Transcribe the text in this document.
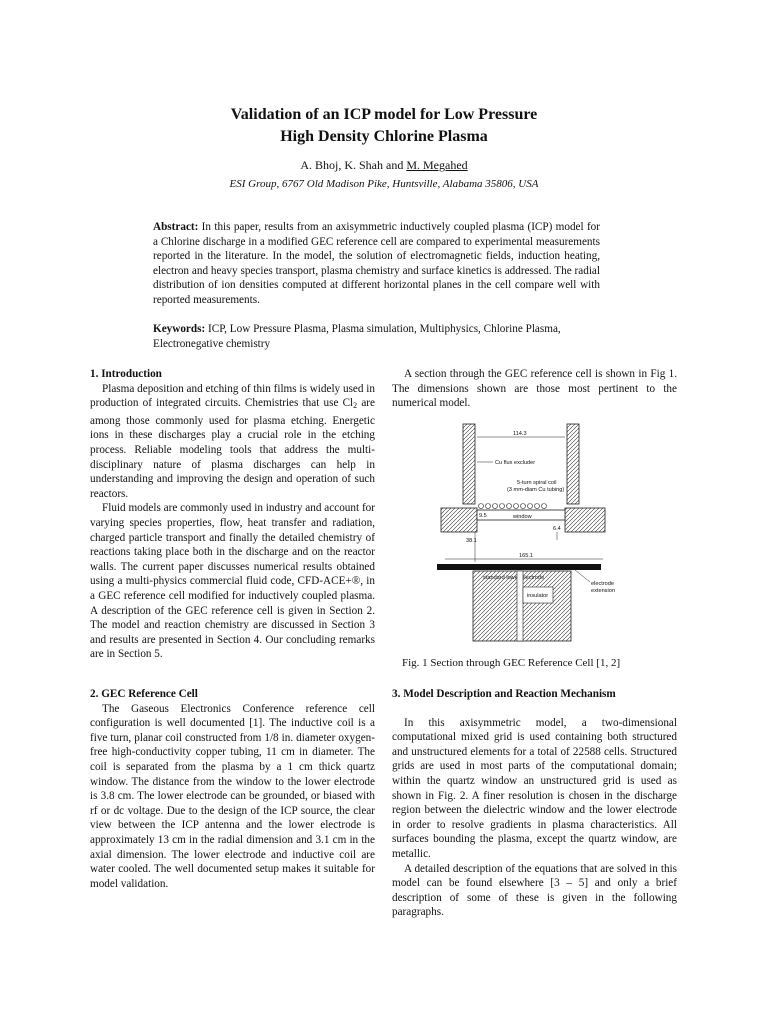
Validation of an ICP model for Low Pressure
High Density Chlorine Plasma
A. Bhoj, K. Shah and M. Megahed
ESI Group, 6767 Old Madison Pike, Huntsville, Alabama 35806, USA
Abstract: In this paper, results from an axisymmetric inductively coupled plasma (ICP) model for a Chlorine discharge in a modified GEC reference cell are compared to experimental measurements reported in the literature. In the model, the solution of electromagnetic fields, induction heating, electron and heavy species transport, plasma chemistry and surface kinetics is addressed. The radial distribution of ion densities computed at different horizontal planes in the cell compare well with reported measurements.
Keywords: ICP, Low Pressure Plasma, Plasma simulation, Multiphysics, Chlorine Plasma, Electronegative chemistry
1. Introduction

Plasma deposition and etching of thin films is widely used in production of integrated circuits. Chemistries that use $Cl_2$ are among those commonly used for plasma etching. Energetic ions in these discharges play a crucial role in the etching process. Reliable modeling tools that address the multi-disciplinary nature of plasma discharges can help in understanding and improving the design and operation of such reactors.

Fluid models are commonly used in industry and account for varying species properties, flow, heat transfer and radiation, charged particle transport and finally the detailed chemistry of reactions taking place both in the discharge and on the reactor walls. The current paper discusses numerical results obtained using a multi-physics commercial fluid code, CFD-ACE+®, in a GEC reference cell modified for inductively coupled plasma. A description of the GEC reference cell is given in Section 2. The model and reaction chemistry are discussed in Section 3 and results are presented in Section 4. Our concluding remarks are in Section 5.

2. GEC Reference Cell

The Gaseous Electronics Conference reference cell configuration is well documented [1]. The inductive coil is a five turn, planar coil constructed from 1/8 in. diameter oxygen-free high-conductivity copper tubing, 11 cm in diameter. The coil is separated from the plasma by a 1 cm thick quartz window. The distance from the window to the lower electrode is 3.8 cm. The lower electrode can be grounded, or biased with rf or dc voltage. Due to the design of the ICP source, the clear view between the ICP antenna and the lower electrode is approximately 13 cm in the radial dimension and 3.1 cm in the axial dimension. The lower electrode and inductive coil are water cooled. The well documented setup makes it suitable for model validation.

A section through the GEC reference cell is shown in Fig 1. The dimensions shown are those most pertinent to the numerical model.

114.3
Cu flux excluder
5-turn spiral coil
(3 mm-diam Cu tubing)
window
9.5
6.4
38.1
165.1
electrode
extension
insulator
Fig. 1 Section through GEC Reference Cell [1, 2]
3. Model Description and Reaction Mechanism

In this axisymmetric model, a two-dimensional computational mixed grid is used containing both structured and unstructured elements for a total of 22588 cells. Structured grids are used in most parts of the computational domain; within the quartz window an unstructured grid is used as shown in Fig. 2. A finer resolution is chosen in the discharge region between the dielectric window and the lower electrode in order to resolve gradients in plasma characteristics. All surfaces bounding the plasma, except the quartz window, are metallic.

A detailed description of the equations that are solved in this model can be found elsewhere [3 – 5] and only a brief description of some of these is given in the following paragraphs.
